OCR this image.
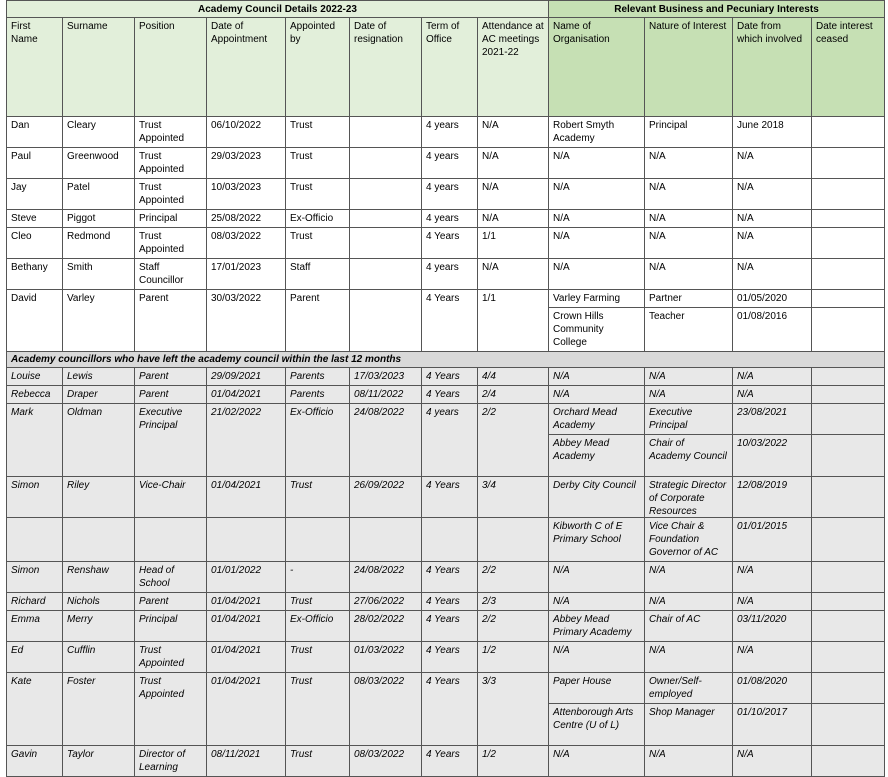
Academy Council Details 2022-23								Relevant Business and Pecuniary Interests			
First Name	Surname	Position	Date of Appointment	Appointed by	Date of resignation	Term of Office	Attendance at AC meetings 2021-22	Name of Organisation	Nature of Interest	Date from which involved	Date interest ceased
Dan	Cleary	Trust Appointed	06/10/2022	Trust		4 years	N/A	Robert Smyth Academy	Principal	June 2018	
Paul	Greenwood	Trust Appointed	29/03/2023	Trust		4 years	N/A	N/A	N/A	N/A	
Jay	Patel	Trust Appointed	10/03/2023	Trust		4 years	N/A	N/A	N/A	N/A	
Steve	Piggot	Principal	25/08/2022	Ex-Officio		4 years	N/A	N/A	N/A	N/A	
Cleo	Redmond	Trust Appointed	08/03/2022	Trust		4 Years	1/1	N/A	N/A	N/A	
Bethany	Smith	Staff Councillor	17/01/2023	Staff		4 years	N/A	N/A	N/A	N/A	
David	Varley	Parent	30/03/2022	Parent		4 Years	1/1	Varley Farming	Partner	01/05/2020	
								Crown Hills Community College	Teacher	01/08/2016	
Academy councillors who have left the academy council within the last 12 months											
Louise	Lewis	Parent	29/09/2021	Parents	17/03/2023	4 Years	4/4	N/A	N/A	N/A	
Rebecca	Draper	Parent	01/04/2021	Parents	08/11/2022	4 Years	2/4	N/A	N/A	N/A	
Mark	Oldman	Executive Principal	21/02/2022	Ex-Officio	24/08/2022	4 years	2/2	Orchard Mead Academy	Executive Principal	23/08/2021	
								Abbey Mead Academy	Chair of Academy Council	10/03/2022	
Simon	Riley	Vice-Chair	01/04/2021	Trust	26/09/2022	4 Years	3/4	Derby City Council	Strategic Director of Corporate Resources	12/08/2019	
								Kibworth C of E Primary School	Vice Chair & Foundation Governor of AC	01/01/2015	
Simon	Renshaw	Head of School	01/01/2022	-	24/08/2022	4 Years	2/2	N/A	N/A	N/A	
Richard	Nichols	Parent	01/04/2021	Trust	27/06/2022	4 Years	2/3	N/A	N/A	N/A	
Emma	Merry	Principal	01/04/2021	Ex-Officio	28/02/2022	4 Years	2/2	Abbey Mead Primary Academy	Chair of AC	03/11/2020	
Ed	Cufflin	Trust Appointed	01/04/2021	Trust	01/03/2022	4 Years	1/2	N/A	N/A	N/A	
Kate	Foster	Trust Appointed	01/04/2021	Trust	08/03/2022	4 Years	3/3	Paper House	Owner/Self-employed	01/08/2020	
								Attenborough Arts Centre (U of L)	Shop Manager	01/10/2017	
Gavin	Taylor	Director of Learning	08/11/2021	Trust	08/03/2022	4 Years	1/2	N/A	N/A	N/A	
